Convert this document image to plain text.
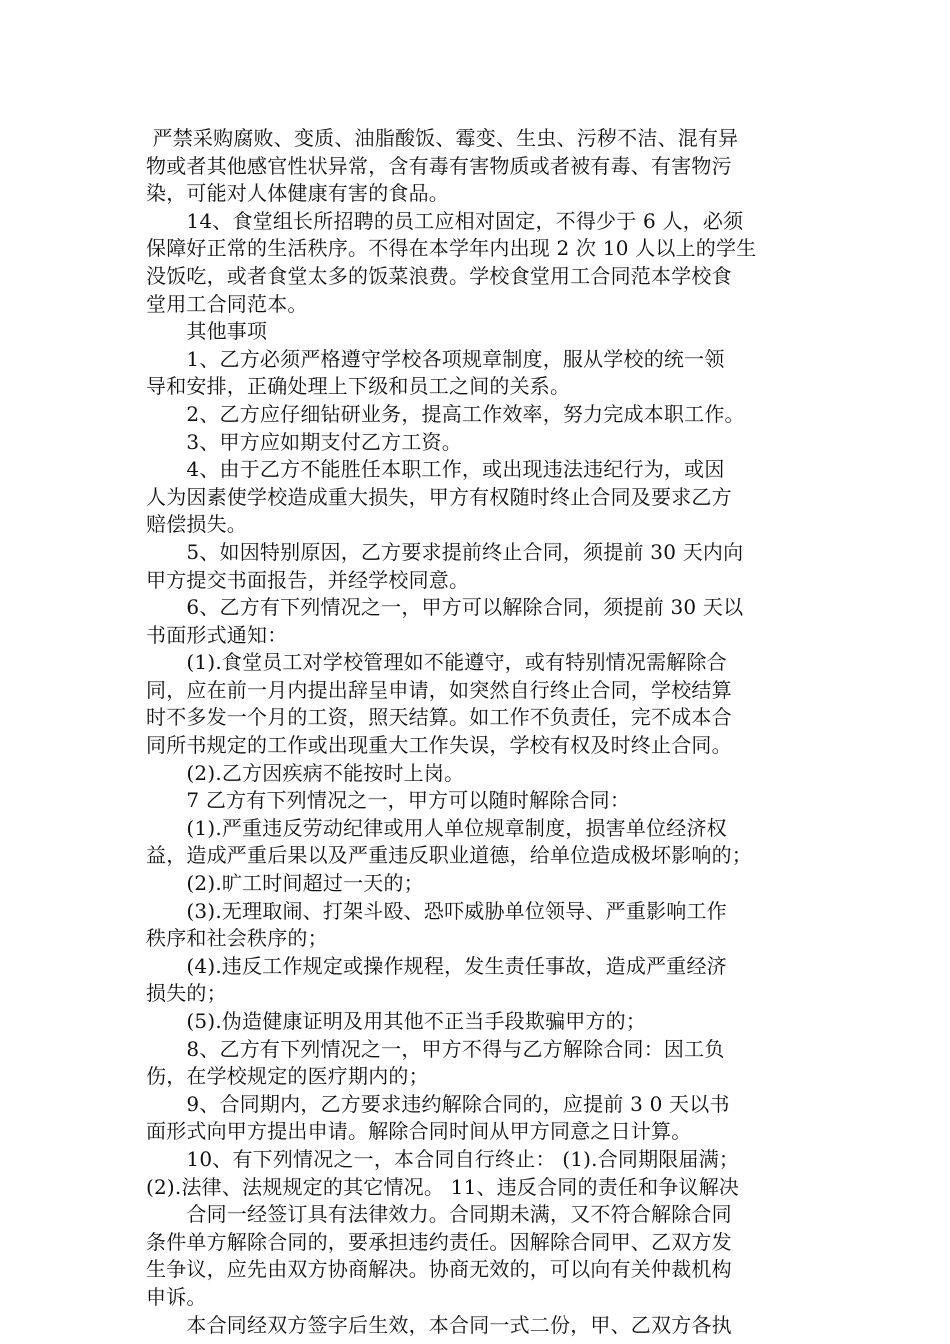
严禁采购腐败、变质、油脂酸饭、霉变、生虫、污秽不洁、混有异
物或者其他感官性状异常，含有毒有害物质或者被有毒、有害物污
染，可能对人体健康有害的食品。
　　14、食堂组长所招聘的员工应相对固定，不得少于 6 人，必须
保障好正常的生活秩序。不得在本学年内出现 2 次 10 人以上的学生
没饭吃，或者食堂太多的饭菜浪费。学校食堂用工合同范本学校食
堂用工合同范本。
　　其他事项
　　1、乙方必须严格遵守学校各项规章制度，服从学校的统一领
导和安排，正确处理上下级和员工之间的关系。
　　2、乙方应仔细钻研业务，提高工作效率，努力完成本职工作。
　　3、甲方应如期支付乙方工资。
　　4、由于乙方不能胜任本职工作，或出现违法违纪行为，或因
人为因素使学校造成重大损失，甲方有权随时终止合同及要求乙方
赔偿损失。
　　5、如因特别原因，乙方要求提前终止合同，须提前 30 天内向
甲方提交书面报告，并经学校同意。
　　6、乙方有下列情况之一，甲方可以解除合同，须提前 30 天以
书面形式通知：
　　(1).食堂员工对学校管理如不能遵守，或有特别情况需解除合
同，应在前一月内提出辞呈申请，如突然自行终止合同，学校结算
时不多发一个月的工资，照天结算。如工作不负责任，完不成本合
同所书规定的工作或出现重大工作失误，学校有权及时终止合同。
　　(2).乙方因疾病不能按时上岗。
　　7 乙方有下列情况之一，甲方可以随时解除合同：
　　(1).严重违反劳动纪律或用人单位规章制度，损害单位经济权
益，造成严重后果以及严重违反职业道德，给单位造成极坏影响的；
　　(2).旷工时间超过一天的；
　　(3).无理取闹、打架斗殴、恐吓威胁单位领导、严重影响工作
秩序和社会秩序的；
　　(4).违反工作规定或操作规程，发生责任事故，造成严重经济
损失的；
　　(5).伪造健康证明及用其他不正当手段欺骗甲方的；
　　8、乙方有下列情况之一，甲方不得与乙方解除合同：因工负
伤，在学校规定的医疗期内的；
　　9、合同期内，乙方要求违约解除合同的，应提前 3 0 天以书
面形式向甲方提出申请。解除合同时间从甲方同意之日计算。
　　10、有下列情况之一，本合同自行终止： (1).合同期限届满；
(2).法律、法规规定的其它情况。 11、违反合同的责任和争议解决
　　合同一经签订具有法律效力。合同期未满，又不符合解除合同
条件单方解除合同的，要承担违约责任。因解除合同甲、乙双方发
生争议，应先由双方协商解决。协商无效的，可以向有关仲裁机构
申诉。
　　本合同经双方签字后生效，本合同一式二份，甲、乙双方各执
